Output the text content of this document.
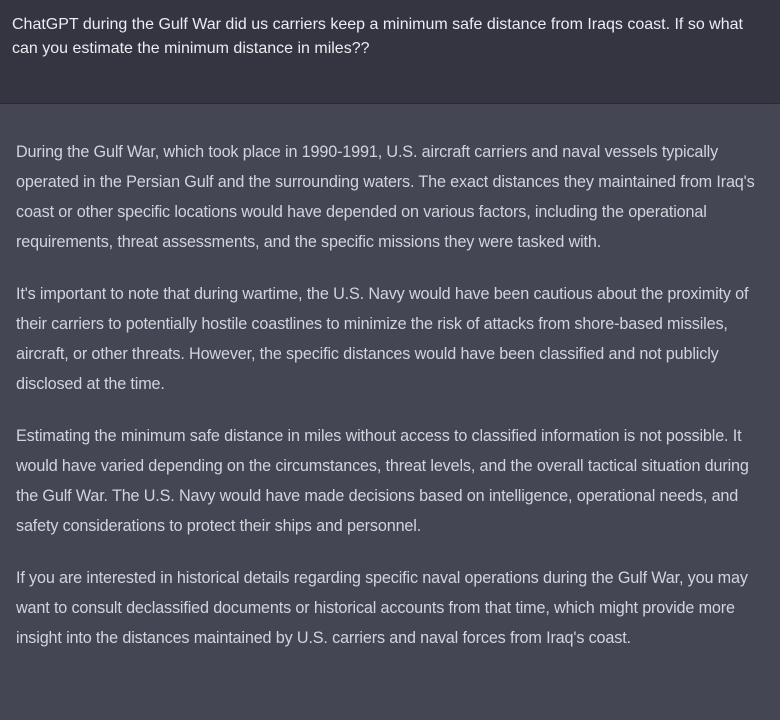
ChatGPT during the Gulf War did us carriers keep a minimum safe distance from Iraqs coast. If so what can you estimate the minimum distance in miles??

During the Gulf War, which took place in 1990-1991, U.S. aircraft carriers and naval vessels typically operated in the Persian Gulf and the surrounding waters. The exact distances they maintained from Iraq's coast or other specific locations would have depended on various factors, including the operational requirements, threat assessments, and the specific missions they were tasked with.

It's important to note that during wartime, the U.S. Navy would have been cautious about the proximity of their carriers to potentially hostile coastlines to minimize the risk of attacks from shore-based missiles, aircraft, or other threats. However, the specific distances would have been classified and not publicly disclosed at the time.

Estimating the minimum safe distance in miles without access to classified information is not possible. It would have varied depending on the circumstances, threat levels, and the overall tactical situation during the Gulf War. The U.S. Navy would have made decisions based on intelligence, operational needs, and safety considerations to protect their ships and personnel.

If you are interested in historical details regarding specific naval operations during the Gulf War, you may want to consult declassified documents or historical accounts from that time, which might provide more insight into the distances maintained by U.S. carriers and naval forces from Iraq's coast.
